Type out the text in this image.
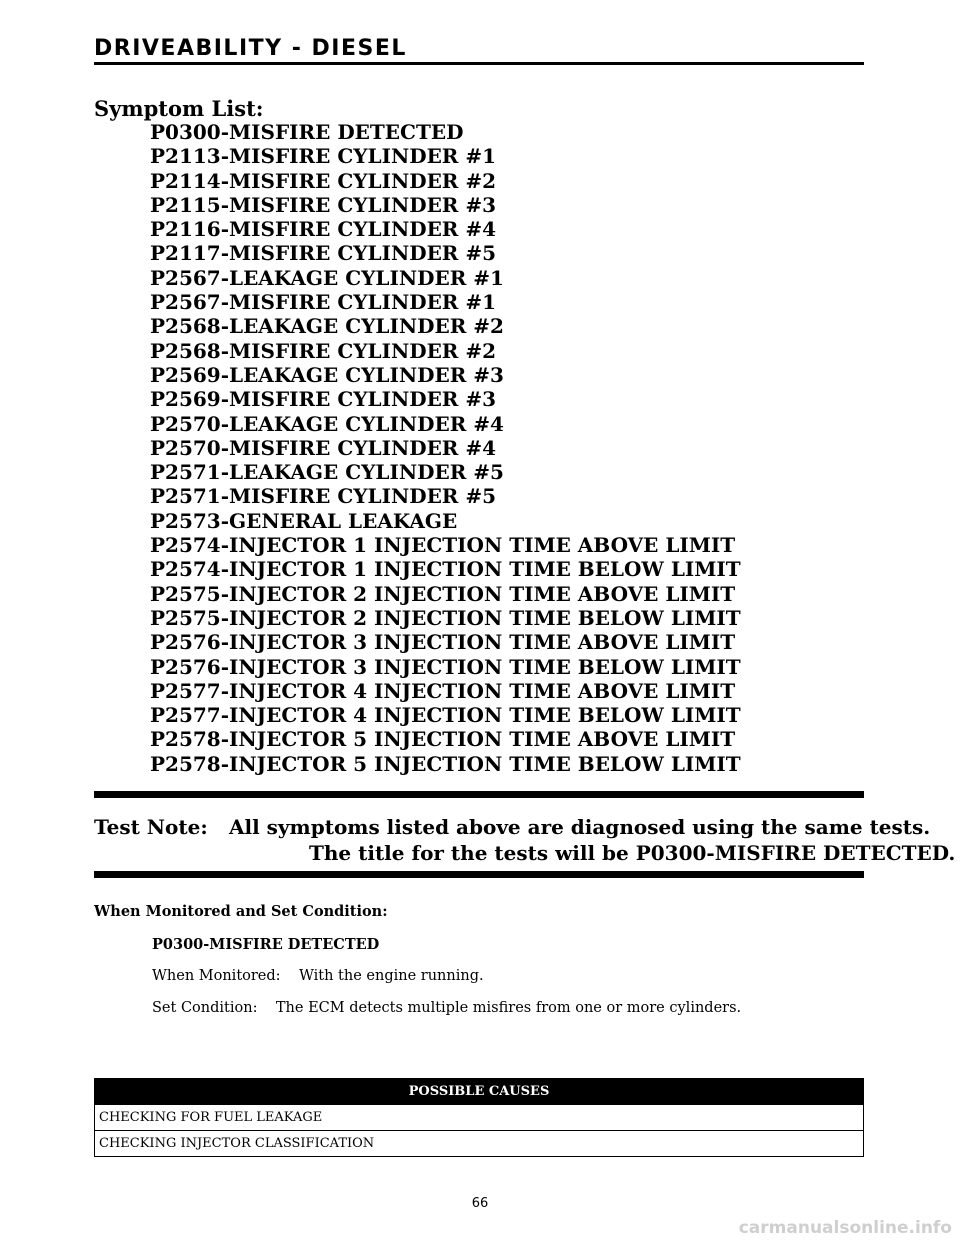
DRIVEABILITY - DIESEL
Symptom List:
P0300-MISFIRE DETECTED
P2113-MISFIRE CYLINDER #1
P2114-MISFIRE CYLINDER #2
P2115-MISFIRE CYLINDER #3
P2116-MISFIRE CYLINDER #4
P2117-MISFIRE CYLINDER #5
P2567-LEAKAGE CYLINDER #1
P2567-MISFIRE CYLINDER #1
P2568-LEAKAGE CYLINDER #2
P2568-MISFIRE CYLINDER #2
P2569-LEAKAGE CYLINDER #3
P2569-MISFIRE CYLINDER #3
P2570-LEAKAGE CYLINDER #4
P2570-MISFIRE CYLINDER #4
P2571-LEAKAGE CYLINDER #5
P2571-MISFIRE CYLINDER #5
P2573-GENERAL LEAKAGE
P2574-INJECTOR 1 INJECTION TIME ABOVE LIMIT
P2574-INJECTOR 1 INJECTION TIME BELOW LIMIT
P2575-INJECTOR 2 INJECTION TIME ABOVE LIMIT
P2575-INJECTOR 2 INJECTION TIME BELOW LIMIT
P2576-INJECTOR 3 INJECTION TIME ABOVE LIMIT
P2576-INJECTOR 3 INJECTION TIME BELOW LIMIT
P2577-INJECTOR 4 INJECTION TIME ABOVE LIMIT
P2577-INJECTOR 4 INJECTION TIME BELOW LIMIT
P2578-INJECTOR 5 INJECTION TIME ABOVE LIMIT
P2578-INJECTOR 5 INJECTION TIME BELOW LIMIT
Test Note: All symptoms listed above are diagnosed using the same tests.
The title for the tests will be P0300-MISFIRE DETECTED.
When Monitored and Set Condition:
P0300-MISFIRE DETECTED
When Monitored: With the engine running.
Set Condition: The ECM detects multiple misfires from one or more cylinders.
POSSIBLE CAUSES
CHECKING FOR FUEL LEAKAGE
CHECKING INJECTOR CLASSIFICATION
66
carmanualsonline.info
